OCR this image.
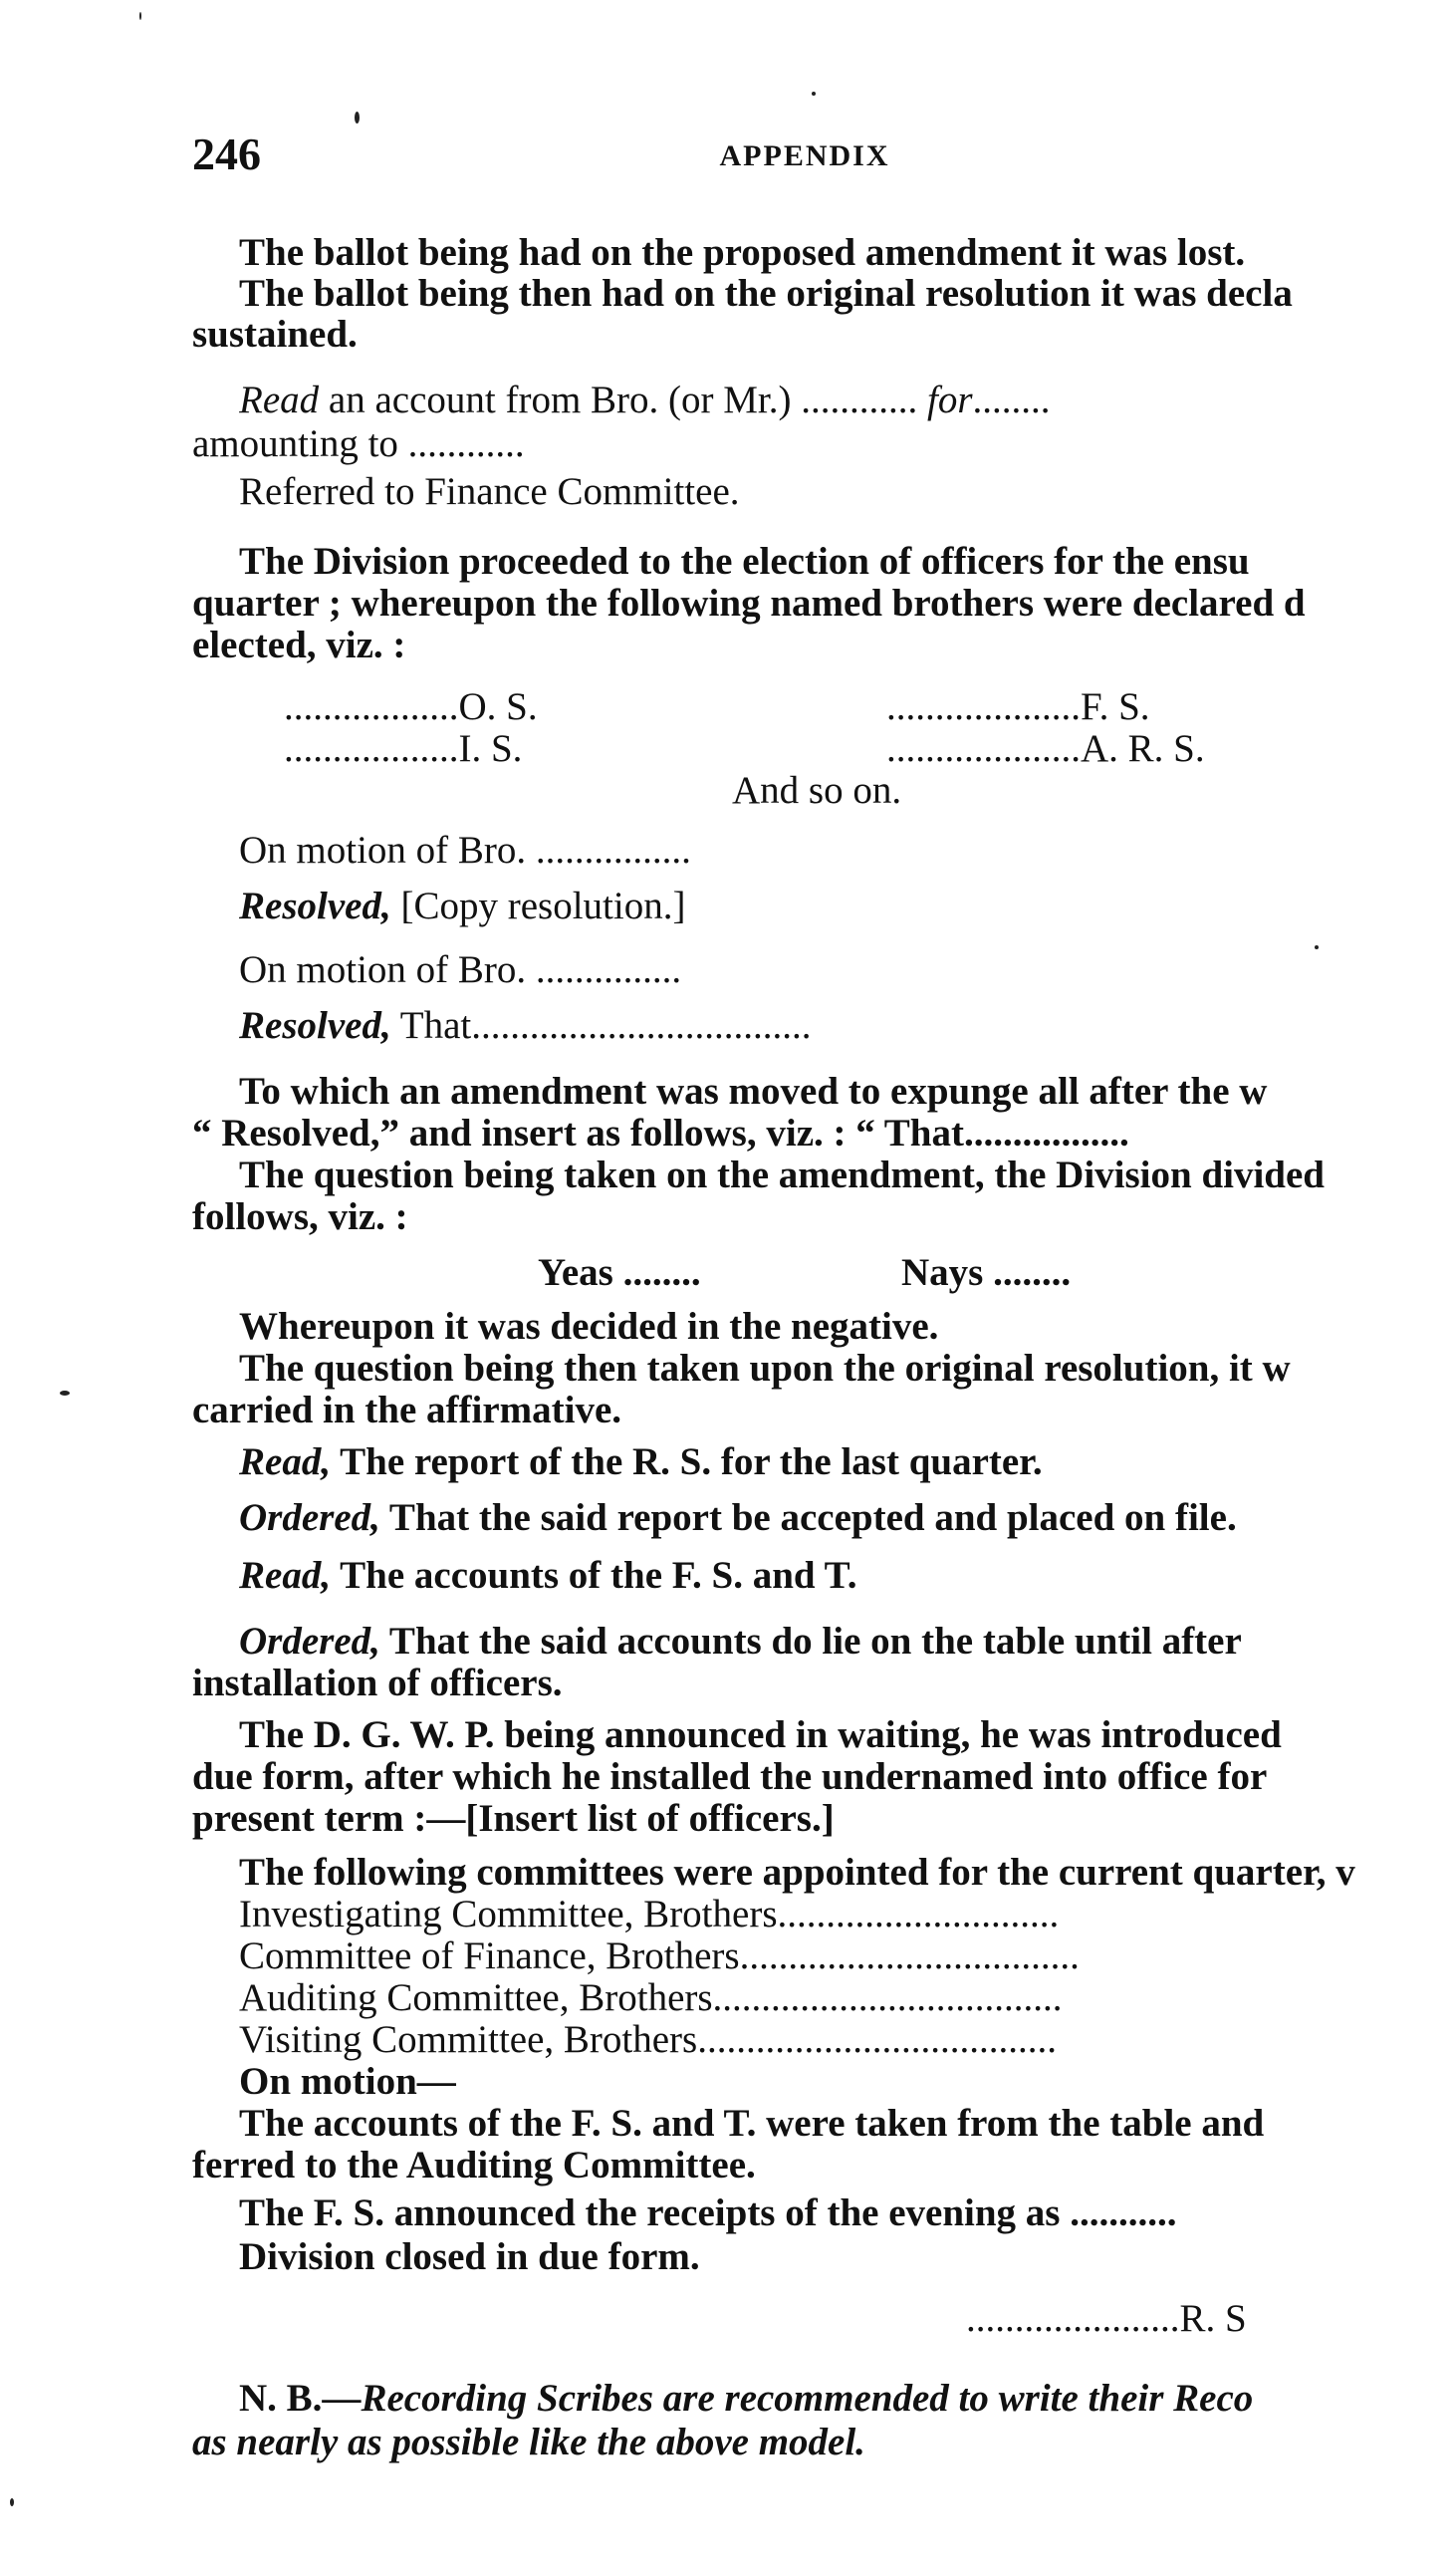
246	APPENDIX
The ballot being had on the proposed amendment it was lost.
The ballot being then had on the original resolution it was decla
sustained.
Read an account from Bro. (or Mr.) ............ for........
amounting to ............
Referred to Finance Committee.
The Division proceeded to the election of officers for the ensu
quarter ; whereupon the following named brothers were declared d
elected, viz. :
..................O. S.	....................F. S.
..................I. S.	....................A. R. S.
And so on.
On motion of Bro. ................
Resolved, [Copy resolution.]
On motion of Bro. ...............
Resolved, That...................................
To which an amendment was moved to expunge all after the w
“ Resolved,” and insert as follows, viz. : “ That.................
The question being taken on the amendment, the Division divided
follows, viz. :
Yeas ........	Nays ........
Whereupon it was decided in the negative.
The question being then taken upon the original resolution, it w
carried in the affirmative.
Read, The report of the R. S. for the last quarter.
Ordered, That the said report be accepted and placed on file.
Read, The accounts of the F. S. and T.
Ordered, That the said accounts do lie on the table until after
installation of officers.
The D. G. W. P. being announced in waiting, he was introduced
due form, after which he installed the undernamed into office for
present term :—[Insert list of officers.]
The following committees were appointed for the current quarter, v
Investigating Committee, Brothers.............................
Committee of Finance, Brothers...................................
Auditing Committee, Brothers....................................
Visiting Committee, Brothers.....................................
On motion—
The accounts of the F. S. and T. were taken from the table and
ferred to the Auditing Committee.
The F. S. announced the receipts of the evening as ...........
Division closed in due form.
......................R. S
N. B.—Recording Scribes are recommended to write their Reco
as nearly as possible like the above model.
